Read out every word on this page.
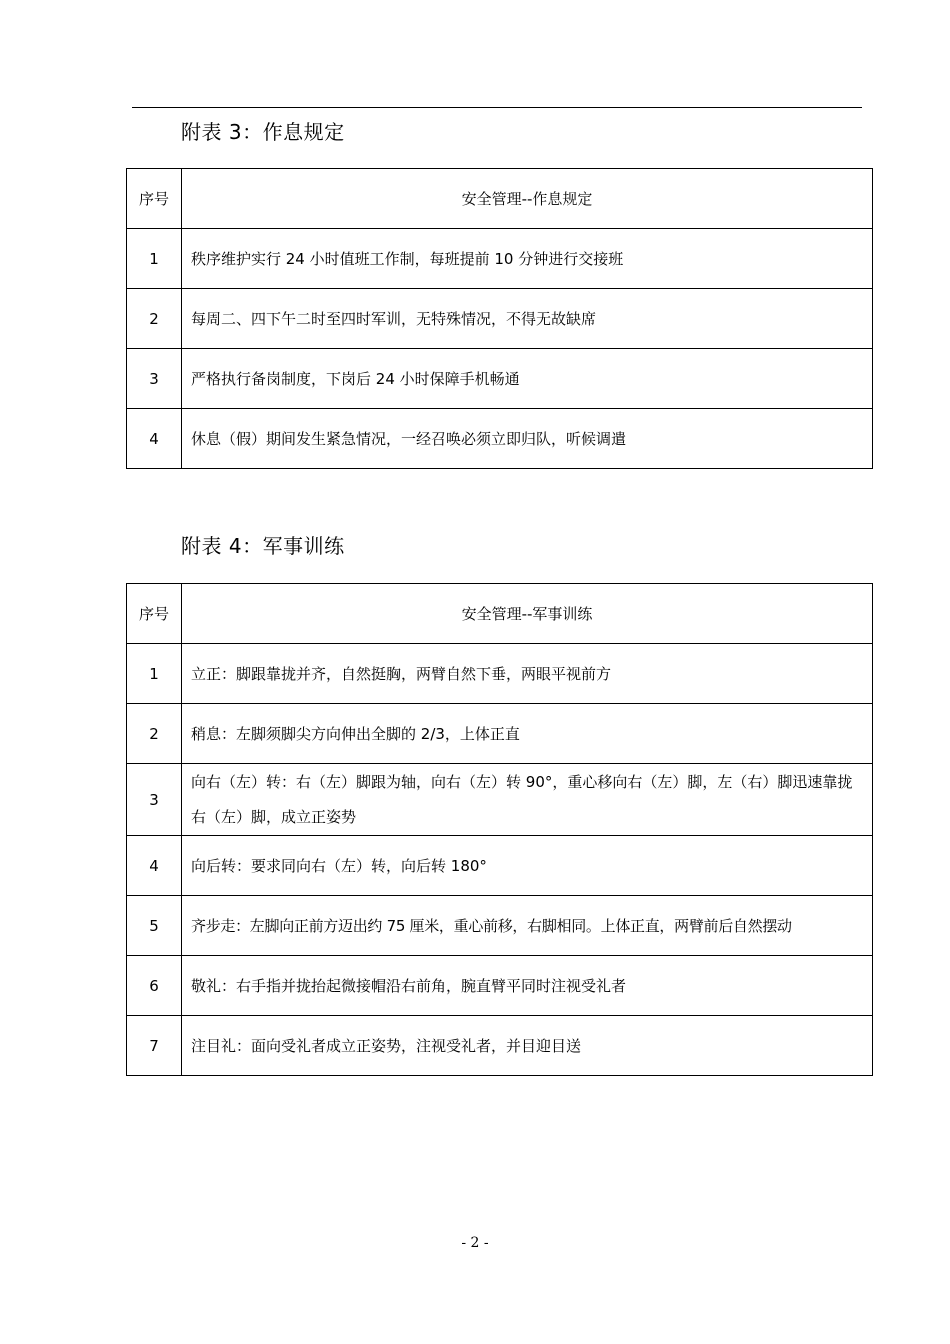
附表 3：作息规定
序号	安全管理--作息规定
1	秩序维护实行 24 小时值班工作制，每班提前 10 分钟进行交接班
2	每周二、四下午二时至四时军训，无特殊情况，不得无故缺席
3	严格执行备岗制度，下岗后 24 小时保障手机畅通
4	休息（假）期间发生紧急情况，一经召唤必须立即归队，听候调遣
附表 4：军事训练
序号	安全管理--军事训练
1	立正：脚跟靠拢并齐，自然挺胸，两臂自然下垂，两眼平视前方
2	稍息：左脚须脚尖方向伸出全脚的 2/3，上体正直
3	向右（左）转：右（左）脚跟为轴，向右（左）转 90°，重心移向右（左）脚，左（右）脚迅速靠拢右（左）脚，成立正姿势
4	向后转：要求同向右（左）转，向后转 180°
5	齐步走：左脚向正前方迈出约 75 厘米，重心前移，右脚相同。上体正直，两臂前后自然摆动
6	敬礼：右手指并拢抬起微接帽沿右前角，腕直臂平同时注视受礼者
7	注目礼：面向受礼者成立正姿势，注视受礼者，并目迎目送
- 2 -
